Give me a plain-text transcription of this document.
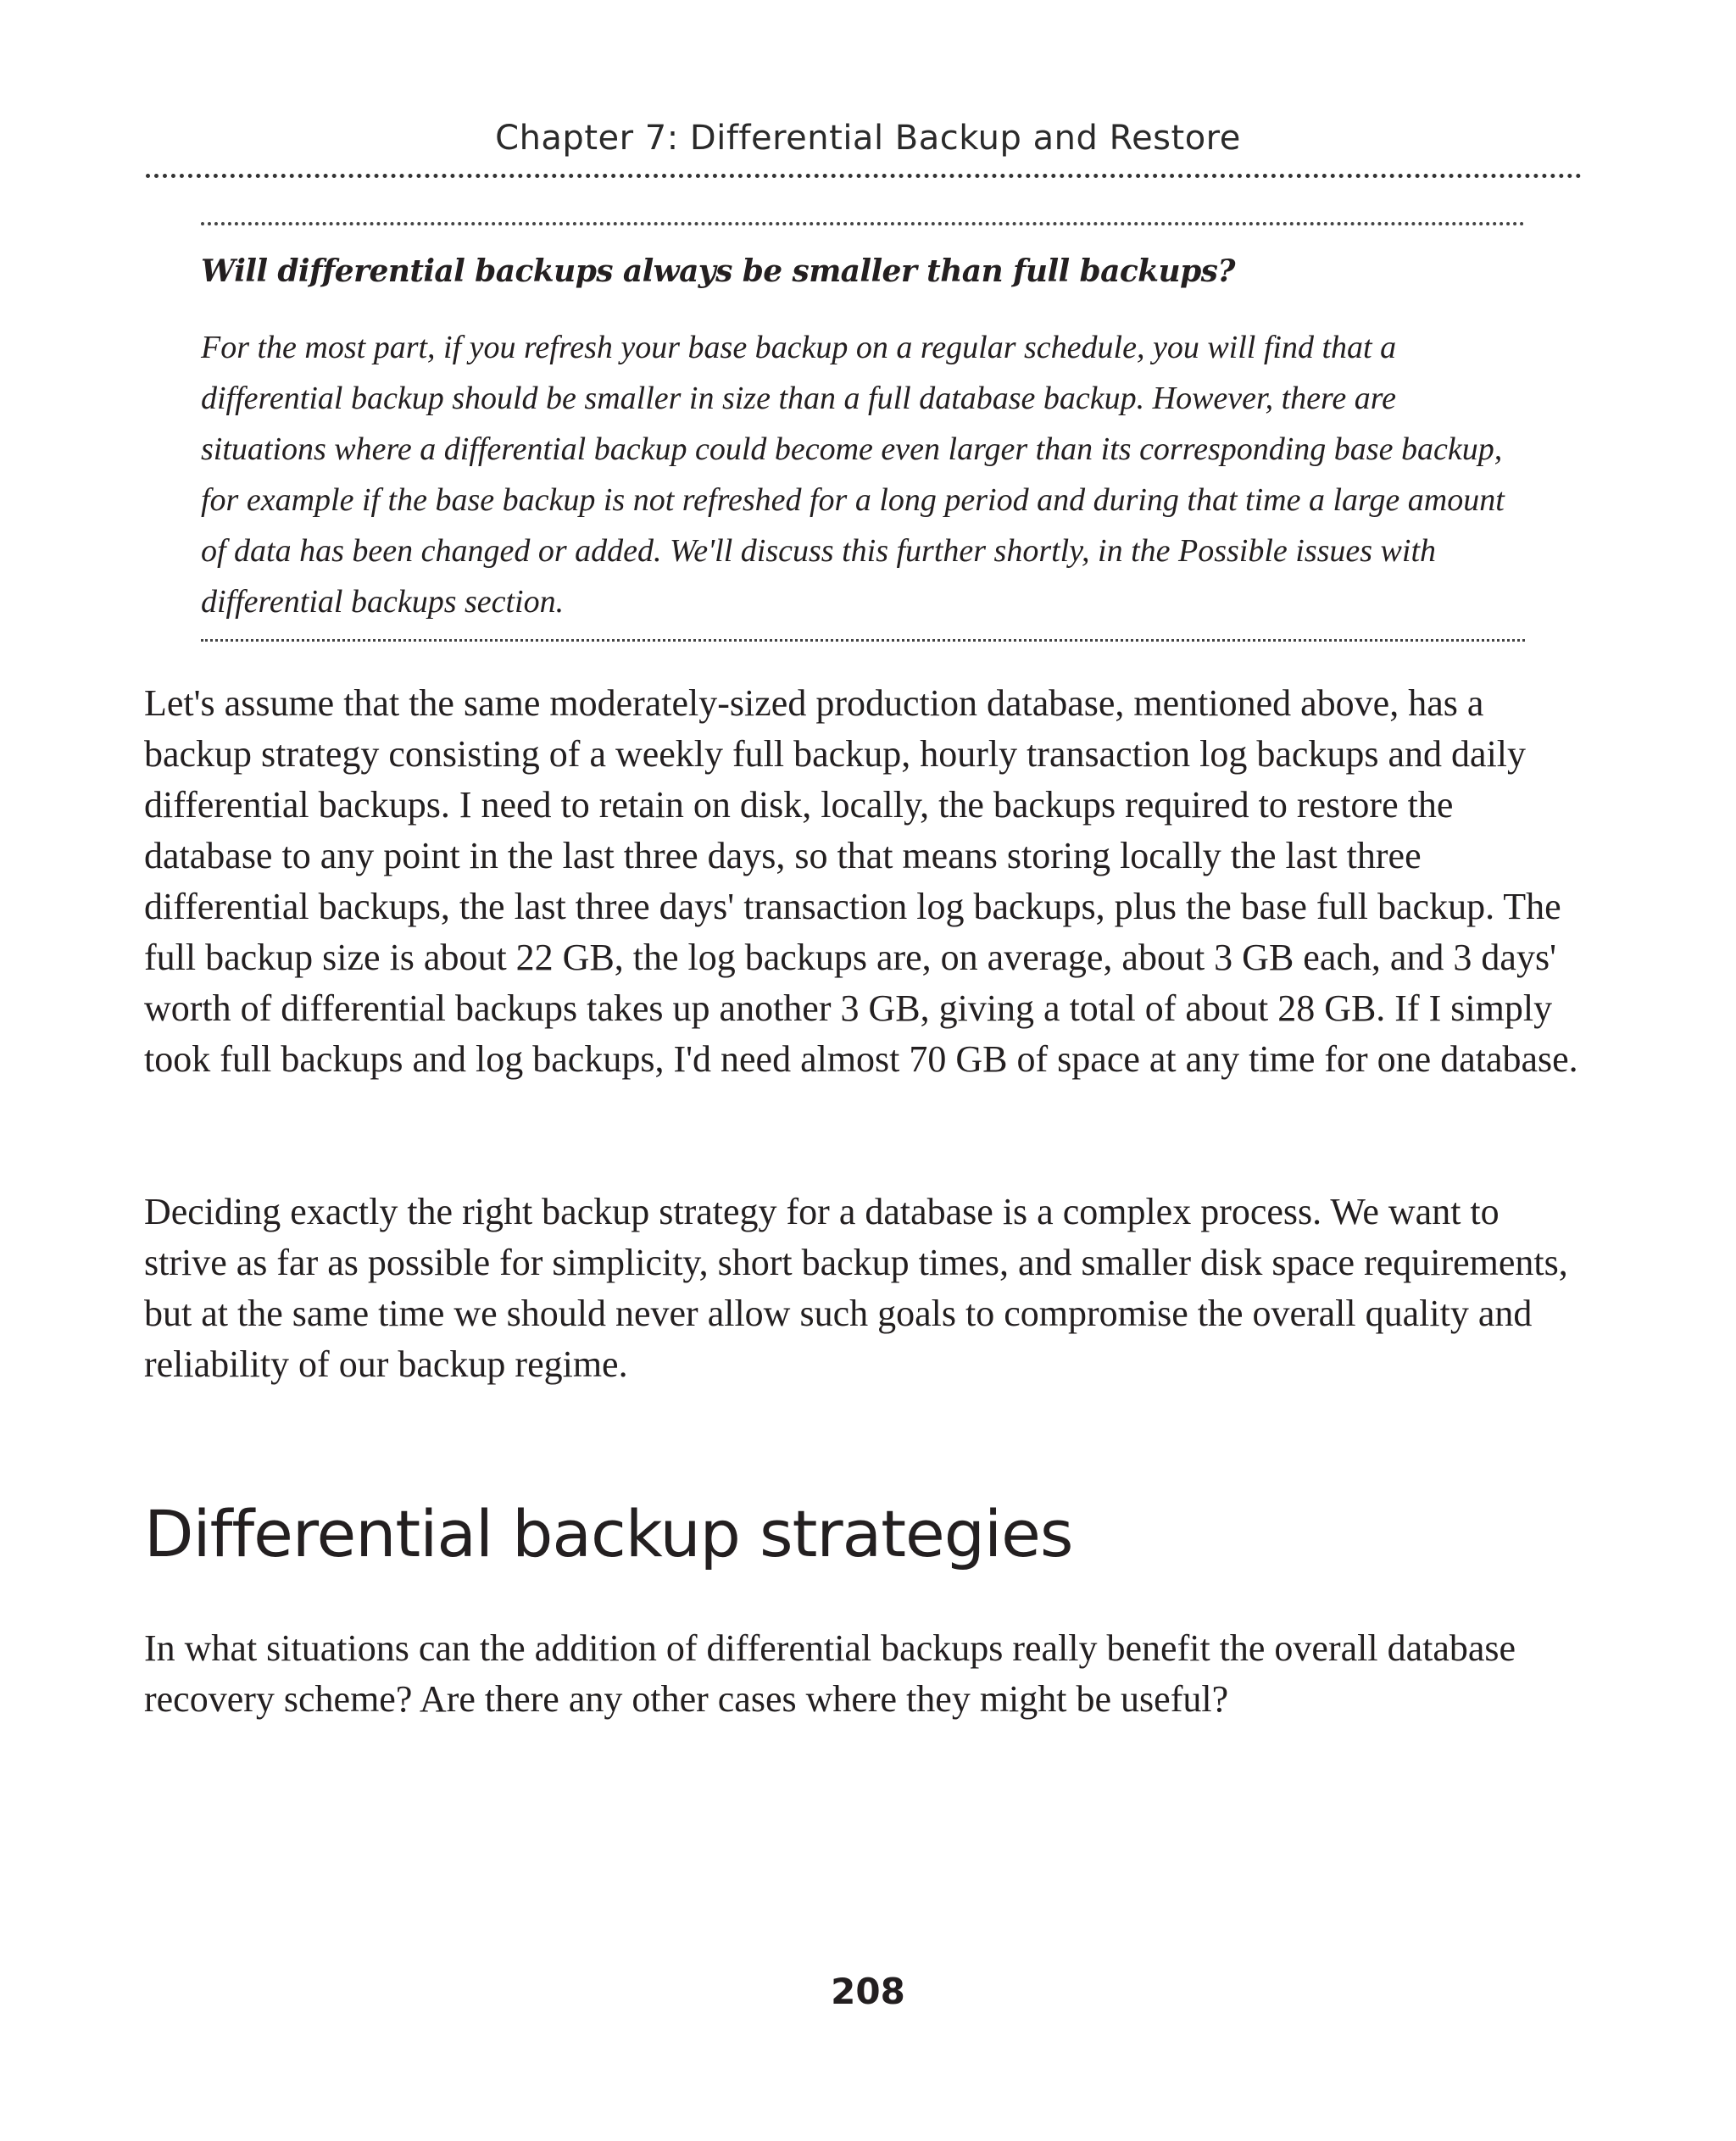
Chapter 7: Differential Backup and Restore

Will differential backups always be smaller than full backups?

For the most part, if you refresh your base backup on a regular schedule, you will find that a differential backup should be smaller in size than a full database backup. However, there are situations where a differential backup could become even larger than its corresponding base backup, for example if the base backup is not refreshed for a long period and during that time a large amount of data has been changed or added. We'll discuss this further shortly, in the Possible issues with differential backups section.

Let's assume that the same moderately-sized production database, mentioned above, has a backup strategy consisting of a weekly full backup, hourly transaction log backups and daily differential backups. I need to retain on disk, locally, the backups required to restore the database to any point in the last three days, so that means storing locally the last three differential backups, the last three days' transaction log backups, plus the base full backup. The full backup size is about 22 GB, the log backups are, on average, about 3 GB each, and 3 days' worth of differential backups takes up another 3 GB, giving a total of about 28 GB. If I simply took full backups and log backups, I'd need almost 70 GB of space at any time for one database.

Deciding exactly the right backup strategy for a database is a complex process. We want to strive as far as possible for simplicity, short backup times, and smaller disk space requirements, but at the same time we should never allow such goals to compromise the overall quality and reliability of our backup regime.

Differential backup strategies

In what situations can the addition of differential backups really benefit the overall database recovery scheme? Are there any other cases where they might be useful?

208
